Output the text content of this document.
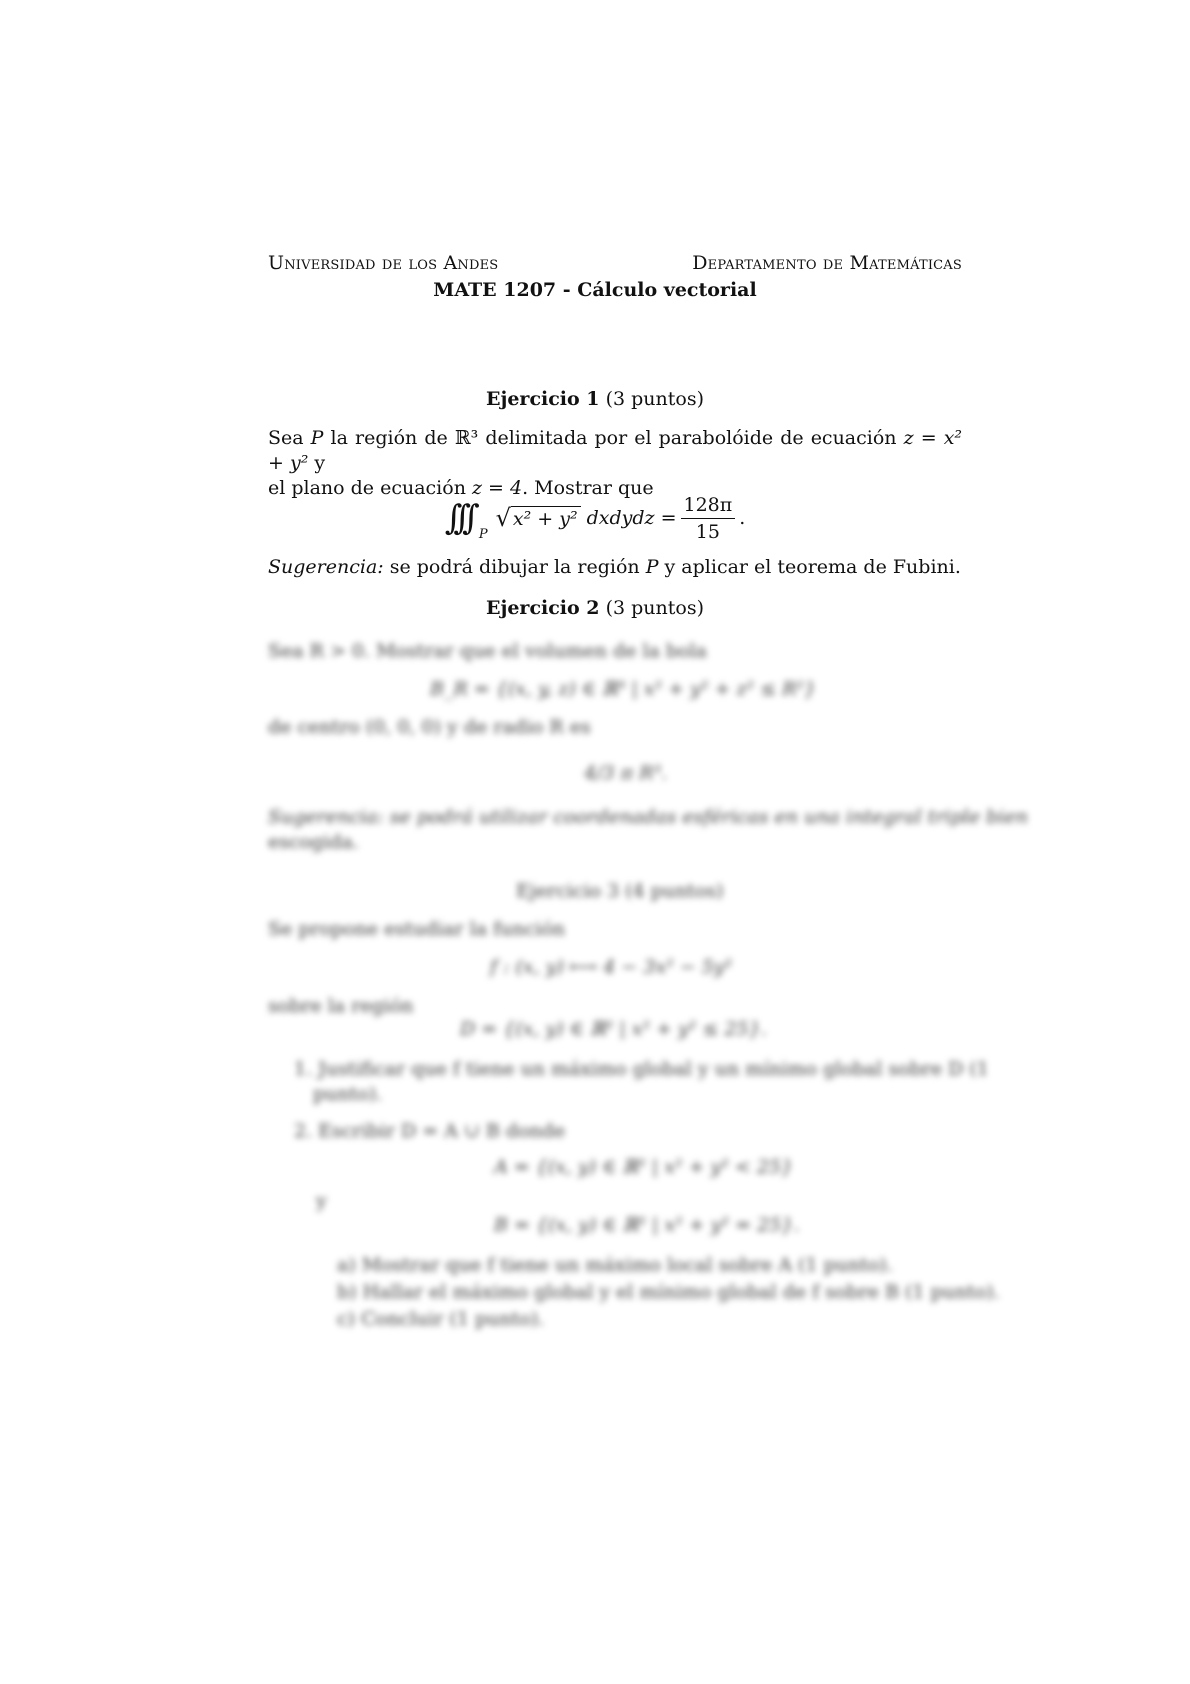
Universidad de los Andes	Departamento de Matemáticas
MATE 1207 - Cálculo vectorial
Ejercicio 1 (3 puntos)
Sea P la región de ℝ³ delimitada por el parabolóide de ecuación z = x² + y² y
el plano de ecuación z = 4. Mostrar que
∫∫∫ P
√ x² + y² dxdydz = $\frac{128\pi}{15}$ .
Sugerencia: se podrá dibujar la región P y aplicar el teorema de Fubini.
Ejercicio 2 (3 puntos)
Sea R > 0. Mostrar que el volumen de la bola
B_R = {(x, y, z) ∈ ℝ³ | x² + y² + z² ≤ R²}
de centro (0, 0, 0) y de radio R es
4/3 π R³.
Sugerencia: se podrá utilizar coordenadas esféricas en una integral triple bien
escogida.
Ejercicio 3 (4 puntos)
Se propone estudiar la función
f : (x, y) ⟼ 4 − 3x² − 5y²
sobre la región
D = {(x, y) ∈ ℝ² | x² + y² ≤ 25}.
1. Justificar que f tiene un máximo global y un mínimo global sobre D (1
punto).
2. Escribir D = A ∪ B donde
A = {(x, y) ∈ ℝ² | x² + y² < 25}
y
B = {(x, y) ∈ ℝ² | x² + y² = 25}.
a) Mostrar que f tiene un máximo local sobre A (1 punto).
b) Hallar el máximo global y el mínimo global de f sobre B (1 punto).
c) Concluir (1 punto).
